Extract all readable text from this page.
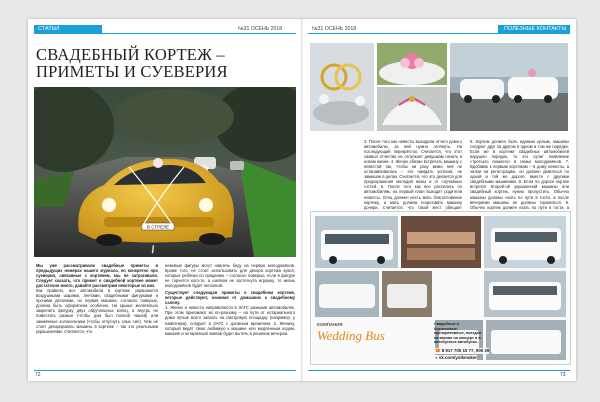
СТАТЬИ	№31 ОСЕНЬ 2018
СВАДЕБНЫЙ КОРТЕЖ –
ПРИМЕТЫ И СУЕВЕРИЯ
В СТРЕЛЕ
Мы уже рассматривали свадебные приметы в предыдущих номерах нашего журнала, но конкретно про суеверия, связанные с кортежем, мы не затрагивали. Следует сказать, что примет о свадебной кортеже может достаточно много, давайте рассмотрим некоторые из них.
Как правило, все автомобили в кортеже украшаются воздушными шарами, лентами, свадебными фигурками и прочими деталями, но первая машина, согласно поверью, должна быть оформлена особенно. На крыше желательно закрепить фигурку двух обручальных колец, а внутрь не поместить разные (чтобы дом был полной чашей) или зажжённые колокольчики (чтобы отпугнуть злых сил). Чем не стоит декорировать машины в кортеже – так это реальными украшениями. Считается, что
неживые фигуры могут навлечь беду на первую молодожёнов. Кроме того, не стоит использовать для декора кортежа кукол, которые ребёнка по преданию – согласно поверью, если в фигуре не торчится кого-то, а шелком не застегнута игрушку, то жизнь молодожёнов будет неполной.
Существует следующая приметы о свадебном кортеже, которые действуют, начиная от домашних к свадебному салону.
1. Жених и невеста направляются в ЗАГС разными автомобилях. При этом приезжают их по-разному – на пути от нотариального дома лучше всего заехать на смотровую площадку (например, у памятника), следуют в ЗАГС с должным временем. 2. Жениху, который ведёт свою любимую к машине или медленным ходом, машине и нотарилный экипаж будет вытечь в решение вечером.
72
№31 ОСЕНЬ 2018	ПОЛЕЗНЫЕ КОНТАКТЫ
3. После того как невесты выходили отчего дома к автомобилю, за ней нужно оглянуть. На последующий перекрёсток. Считается, что этот символ отчества не отпускает девушкам начать в новом жизни. 4. Жених обязан встречать машину с невестой так, чтобы ни разу мимо ней не останавливалась – это ожидать успехов, не замешан в делах. Считается, что это делается для предохранения молодой жены и от случайных гостей. 5. После того как все расселись по автомобилям, на первый план выходит родители невесты. Отец должен несть мать благословение кортежу, а мать должна поцеловать машину дочери. Считается, что такой жест обещает
6. Кортеж должен быть единым целым, машины следуют друг за другом в одном и том же порядке. Если же в кортеже свадебных автомобилей нарушен порядок, то это сулит появление «третьего лишнего» в семье молодожёнов. 7. Вдобавок к первым кортежам – в дому невесты, а затем на регистрацию, он должен двигаться по одной и той же дороге, вместе с другими свадебными машинами. 8. Если по дороге кортеж встретит второй-ой украшенной машины или свадебный кортеж, нужно пропустить. Обычно машины должны ехать по пути в гости, а после вечеринки машины не должны торопиться. 9. Обычно кортеж должен ехать по пути в гости, а
КОМПАНИЯ
Wedding Bus
Свадебные и бизнесовые, корпоративные, поездки на вокзал на концерт и в автобусных автобусах.
☎ 8 917 705 10 77, 900 29
● vk.com/yolkmaker
73
